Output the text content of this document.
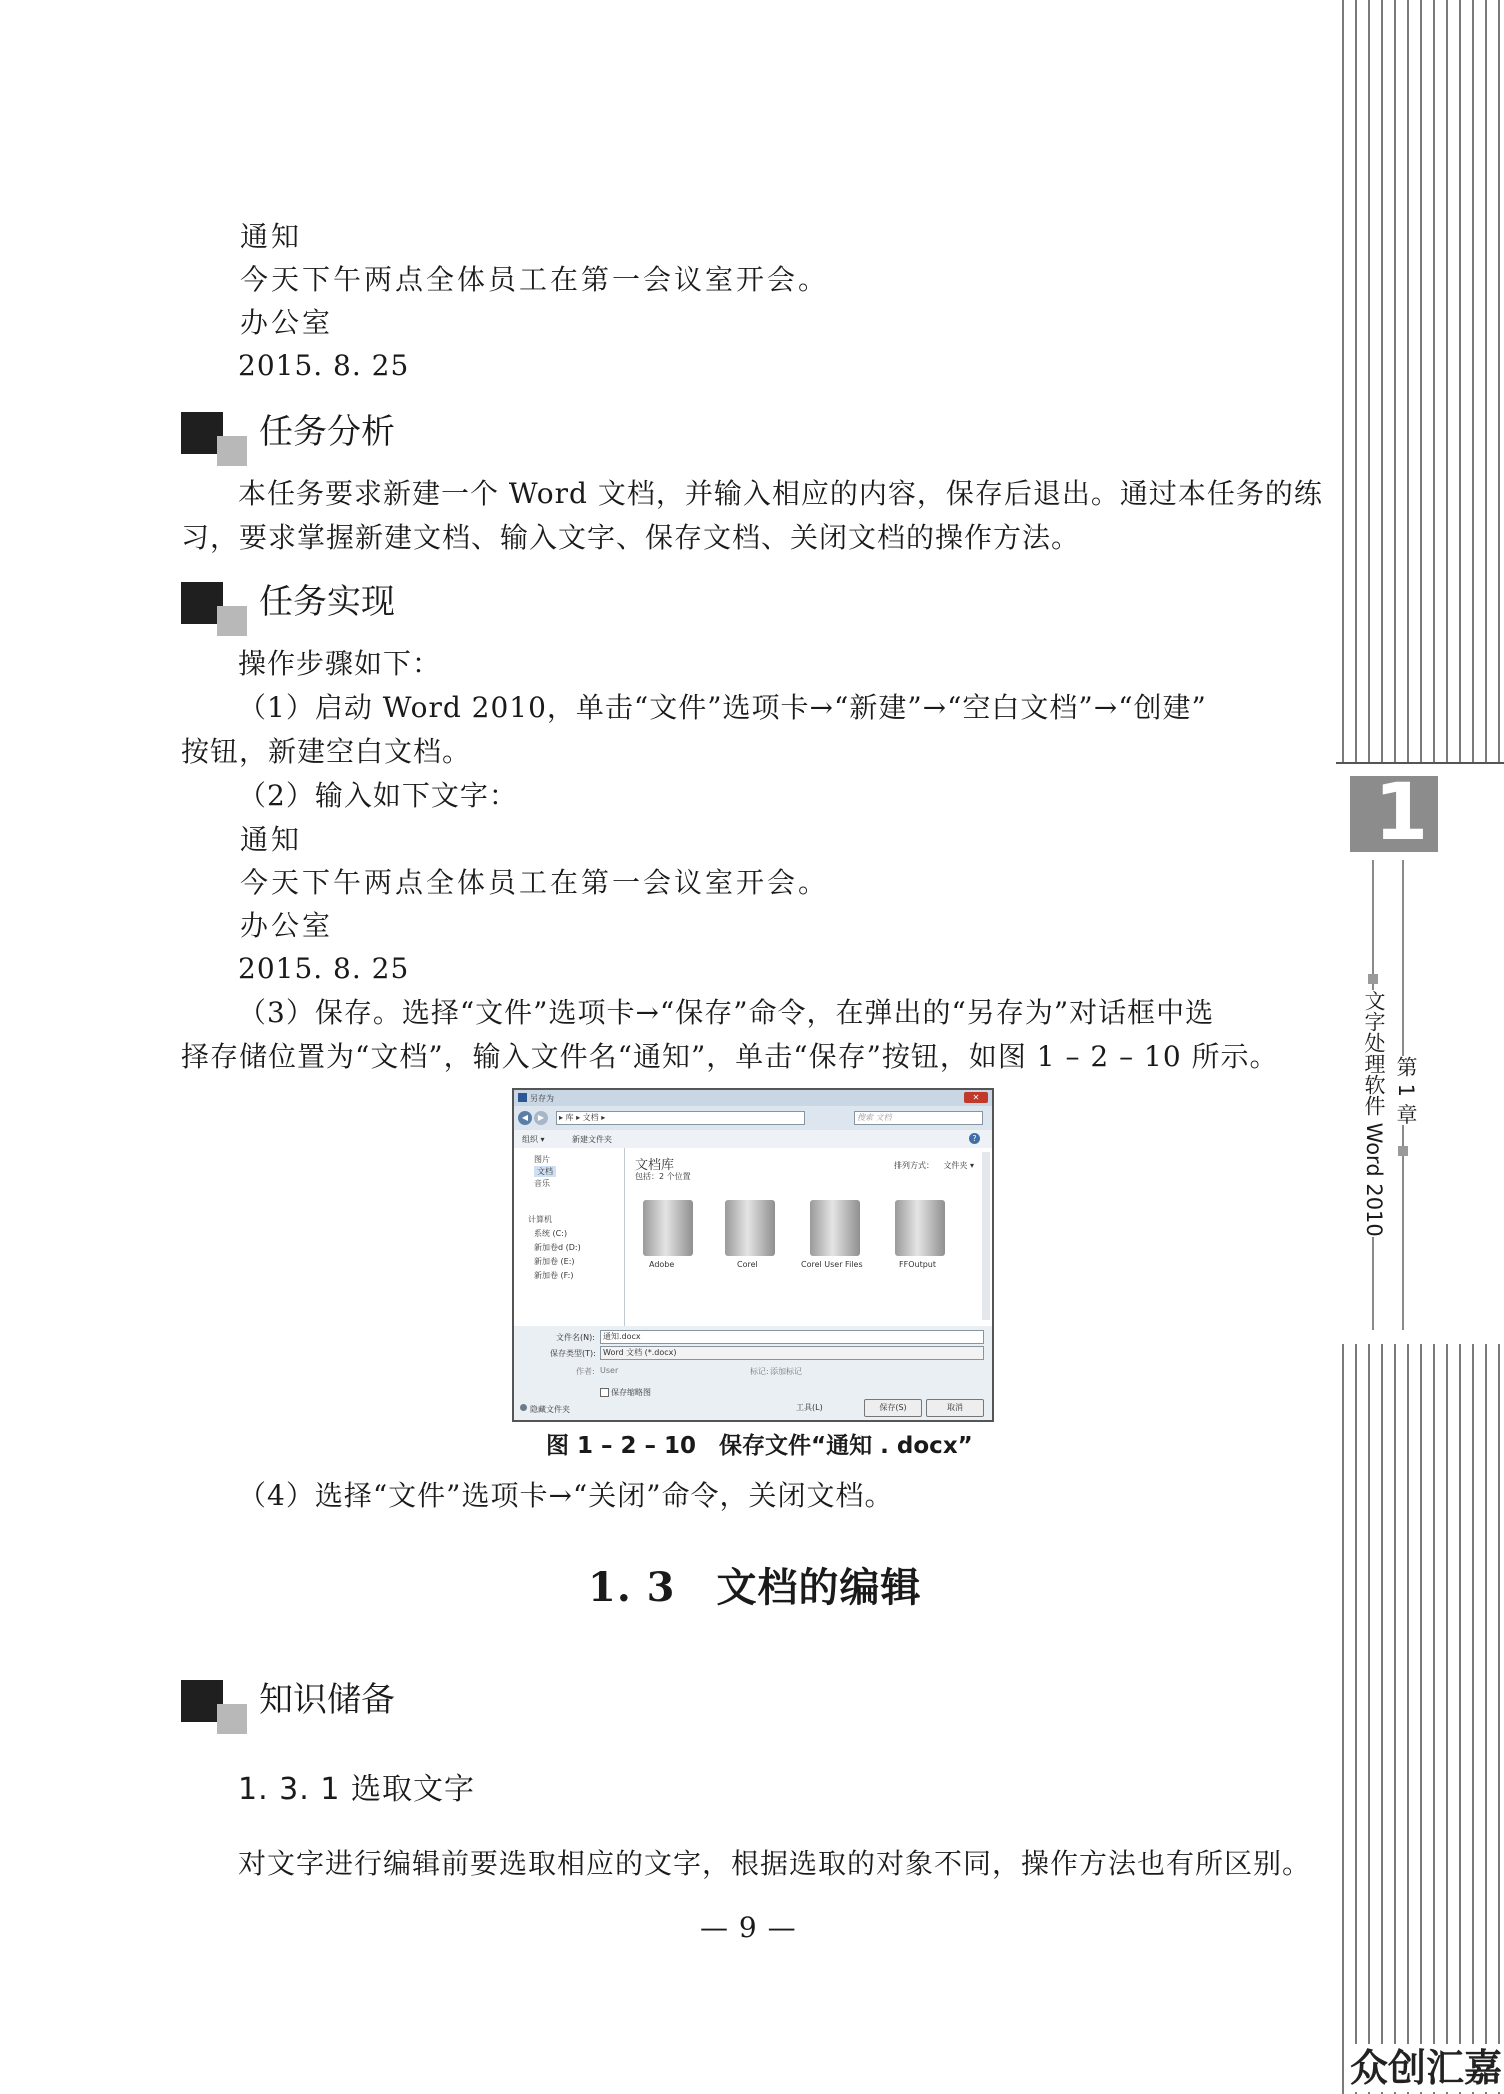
通知
今天下午两点全体员工在第一会议室开会。
办公室
2015. 8. 25
任务分析
本任务要求新建一个 Word 文档，并输入相应的内容，保存后退出。通过本任务的练
习，要求掌握新建文档、输入文字、保存文档、关闭文档的操作方法。
任务实现
操作步骤如下：
（1）启动 Word 2010，单击“文件”选项卡→“新建”→“空白文档”→“创建”
按钮，新建空白文档。
（2）输入如下文字：
通知
今天下午两点全体员工在第一会议室开会。
办公室
2015. 8. 25
（3）保存。选择“文件”选项卡→“保存”命令，在弹出的“另存为”对话框中选
择存储位置为“文档”，输入文件名“通知”，单击“保存”按钮，如图 1 – 2 – 10 所示。
另存为	✕
◀	▶	▸ 库 ▸ 文档 ▸	搜索 文档
组织 ▾	新建文件夹	?
图片
文档
音乐
计算机
系统 (C:)
新加卷d (D:)
新加卷 (E:)
新加卷 (F:)
文档库
包括：2 个位置
排列方式： 文件夹 ▾
Adobe	Corel	Corel User Files	FFOutput
文件名(N):	通知.docx
保存类型(T): Word 文档 (*.docx)
作者: User	标记: 添加标记
保存缩略图
隐藏文件夹	工具(L)	保存(S)	取消
图 1 – 2 – 10　保存文件“通知 . docx”
（4）选择“文件”选项卡→“关闭”命令，关闭文档。
1. 3　文档的编辑
知识储备
1. 3. 1 选取文字
对文字进行编辑前要选取相应的文字，根据选取的对象不同，操作方法也有所区别。
— 9 —
1
文字处理软件 Word 2010 第 1 章
众创汇嘉
